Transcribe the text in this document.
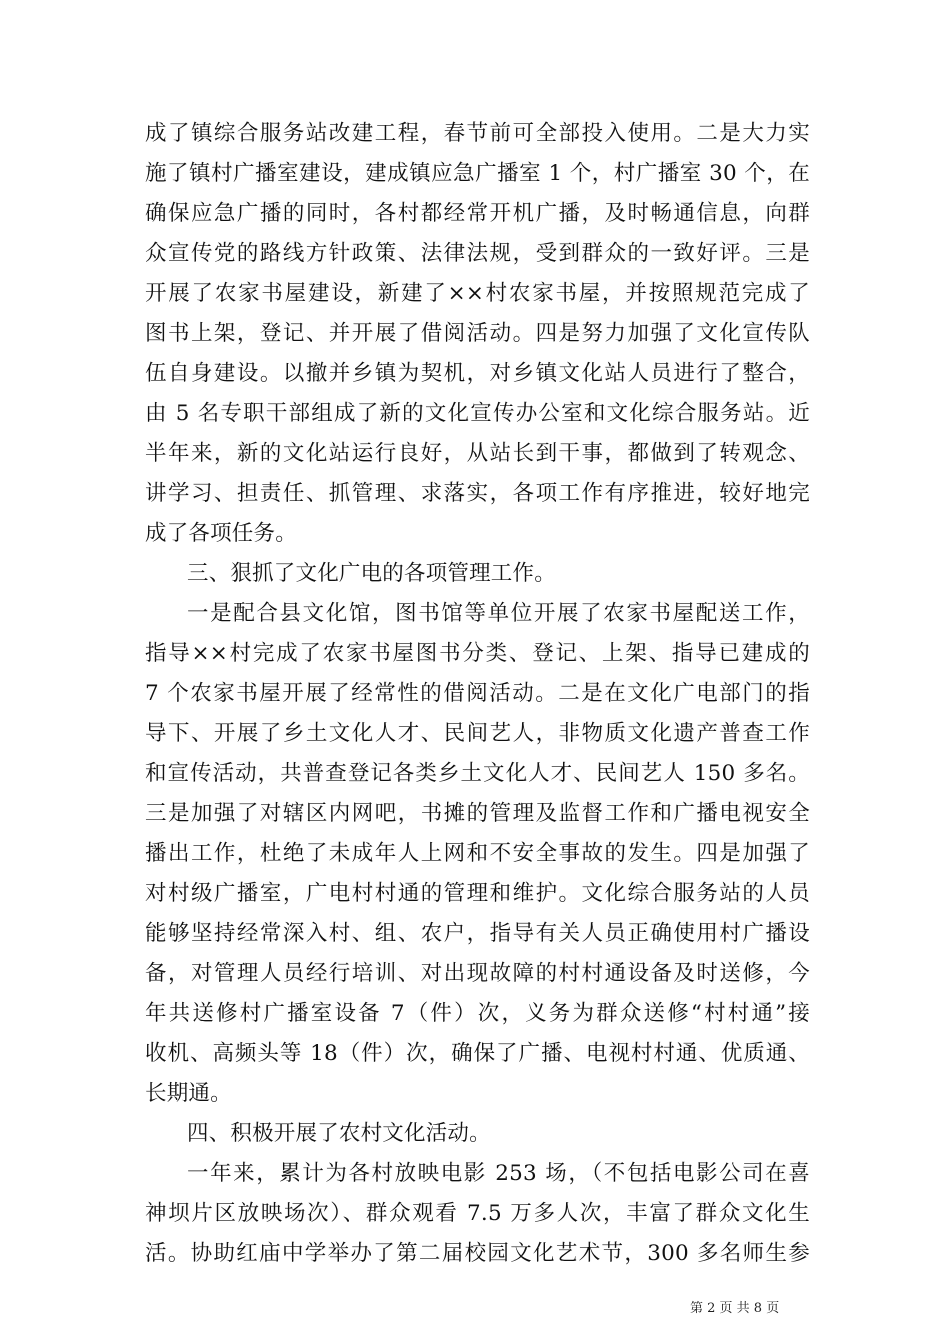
成了镇综合服务站改建工程，春节前可全部投入使用。二是大力实
施了镇村广播室建设，建成镇应急广播室 1 个，村广播室 30 个，在
确保应急广播的同时，各村都经常开机广播，及时畅通信息，向群
众宣传党的路线方针政策、法律法规，受到群众的一致好评。三是
开展了农家书屋建设，新建了××村农家书屋，并按照规范完成了
图书上架，登记、并开展了借阅活动。四是努力加强了文化宣传队
伍自身建设。以撤并乡镇为契机，对乡镇文化站人员进行了整合，
由 5 名专职干部组成了新的文化宣传办公室和文化综合服务站。近
半年来，新的文化站运行良好，从站长到干事，都做到了转观念、
讲学习、担责任、抓管理、求落实，各项工作有序推进，较好地完
成了各项任务。
三、狠抓了文化广电的各项管理工作。
一是配合县文化馆，图书馆等单位开展了农家书屋配送工作，
指导××村完成了农家书屋图书分类、登记、上架、指导已建成的
7 个农家书屋开展了经常性的借阅活动。二是在文化广电部门的指
导下、开展了乡土文化人才、民间艺人，非物质文化遗产普查工作
和宣传活动，共普查登记各类乡土文化人才、民间艺人 150 多名。
三是加强了对辖区内网吧，书摊的管理及监督工作和广播电视安全
播出工作，杜绝了未成年人上网和不安全事故的发生。四是加强了
对村级广播室，广电村村通的管理和维护。文化综合服务站的人员
能够坚持经常深入村、组、农户，指导有关人员正确使用村广播设
备，对管理人员经行培训、对出现故障的村村通设备及时送修，今
年共送修村广播室设备 7（件）次，义务为群众送修“村村通”接
收机、高频头等 18（件）次，确保了广播、电视村村通、优质通、
长期通。
四、积极开展了农村文化活动。
一年来，累计为各村放映电影 253 场，（不包括电影公司在喜
神坝片区放映场次）、群众观看 7.5 万多人次，丰富了群众文化生
活。协助红庙中学举办了第二届校园文化艺术节，300 多名师生参
第 2 页 共 8 页
